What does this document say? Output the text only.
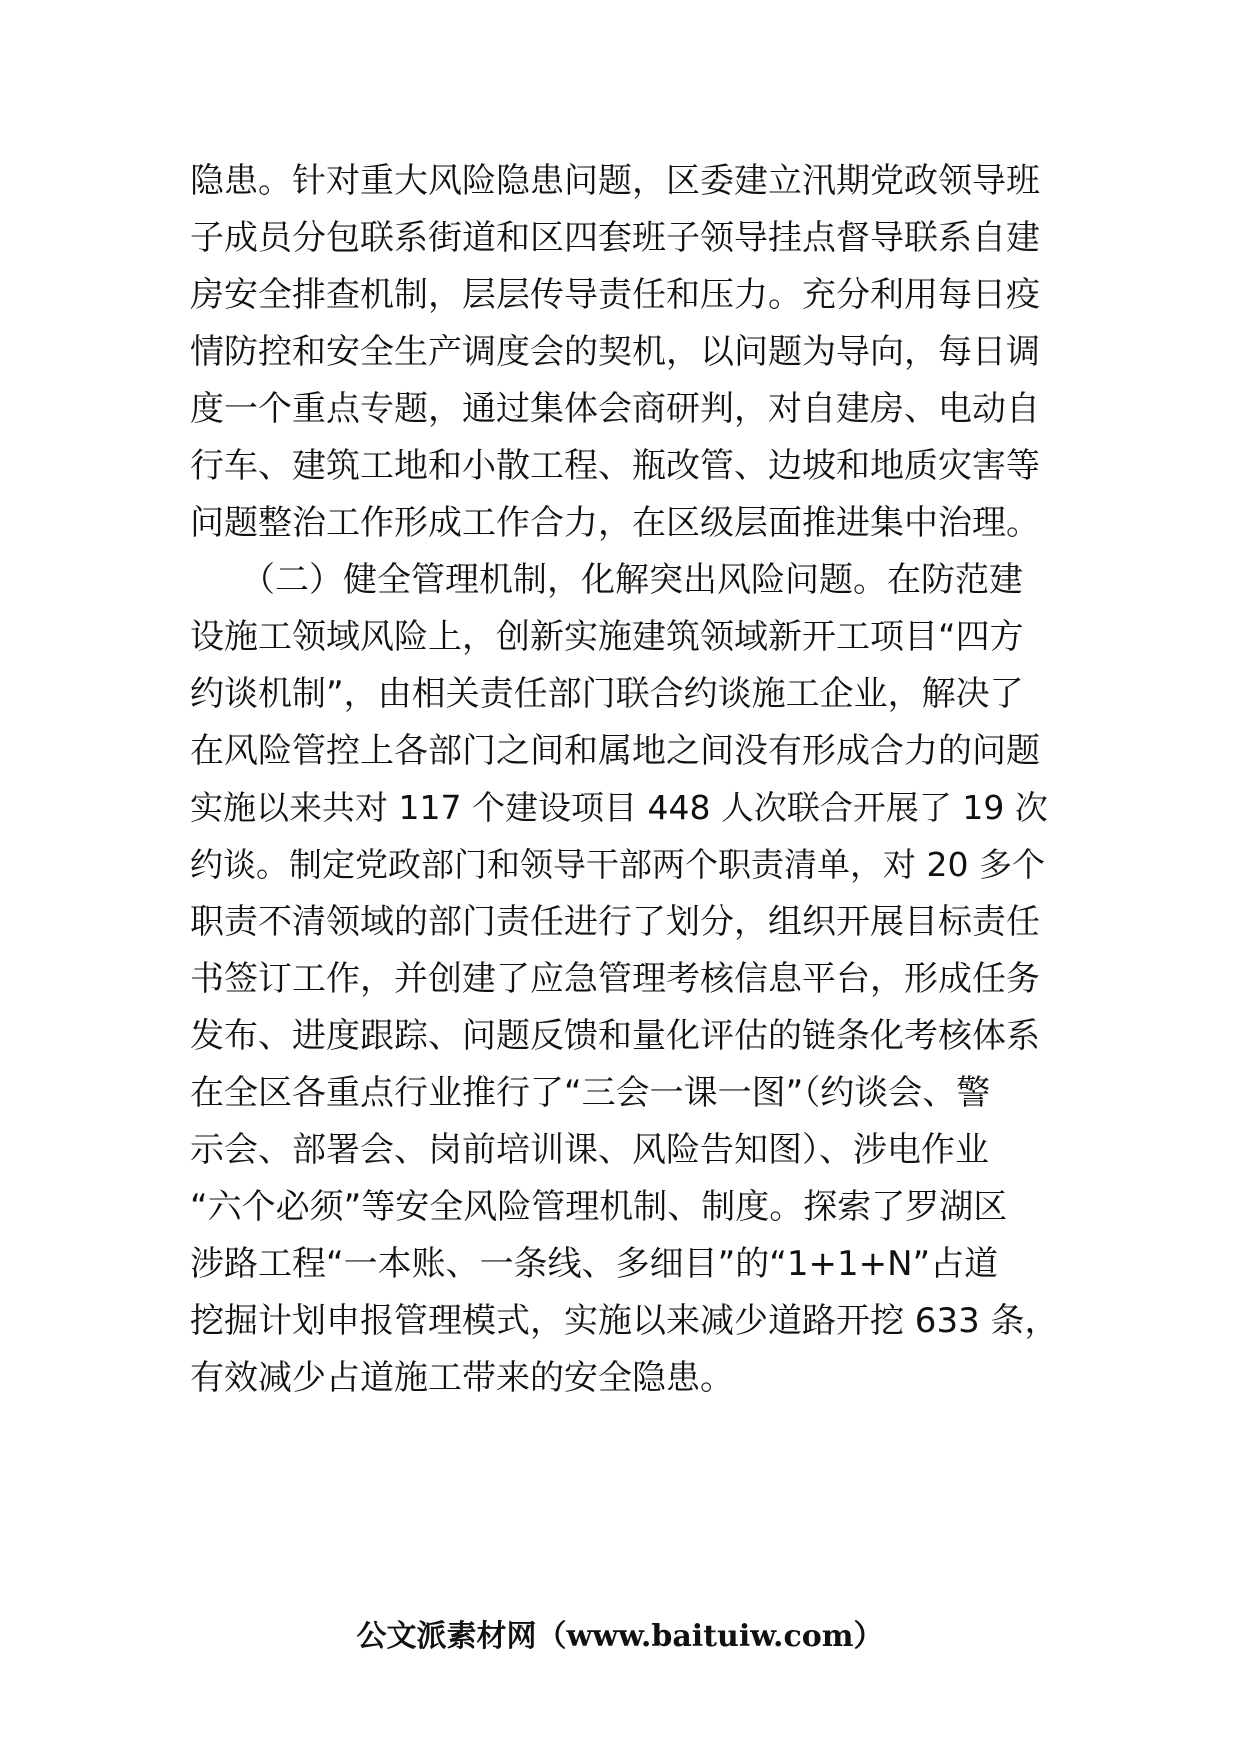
隐患。针对重大风险隐患问题，区委建立汛期党政领导班
子成员分包联系街道和区四套班子领导挂点督导联系自建
房安全排查机制，层层传导责任和压力。充分利用每日疫
情防控和安全生产调度会的契机，以问题为导向，每日调
度一个重点专题，通过集体会商研判，对自建房、电动自
行车、建筑工地和小散工程、瓶改管、边坡和地质灾害等
问题整治工作形成工作合力，在区级层面推进集中治理。
　　（二）健全管理机制，化解突出风险问题。在防范建
设施工领域风险上，创新实施建筑领域新开工项目“四方
约谈机制”，由相关责任部门联合约谈施工企业，解决了
在风险管控上各部门之间和属地之间没有形成合力的问题
实施以来共对 117 个建设项目 448 人次联合开展了 19 次
约谈。制定党政部门和领导干部两个职责清单，对 20 多个
职责不清领域的部门责任进行了划分，组织开展目标责任
书签订工作，并创建了应急管理考核信息平台，形成任务
发布、进度跟踪、问题反馈和量化评估的链条化考核体系
在全区各重点行业推行了“三会一课一图”（约谈会、警
示会、部署会、岗前培训课、风险告知图）、涉电作业
“六个必须”等安全风险管理机制、制度。探索了罗湖区
涉路工程“一本账、一条线、多细目”的“1+1+N”占道
挖掘计划申报管理模式，实施以来减少道路开挖 633 条，
有效减少占道施工带来的安全隐患。
公文派素材网（www.baituiw.com）
